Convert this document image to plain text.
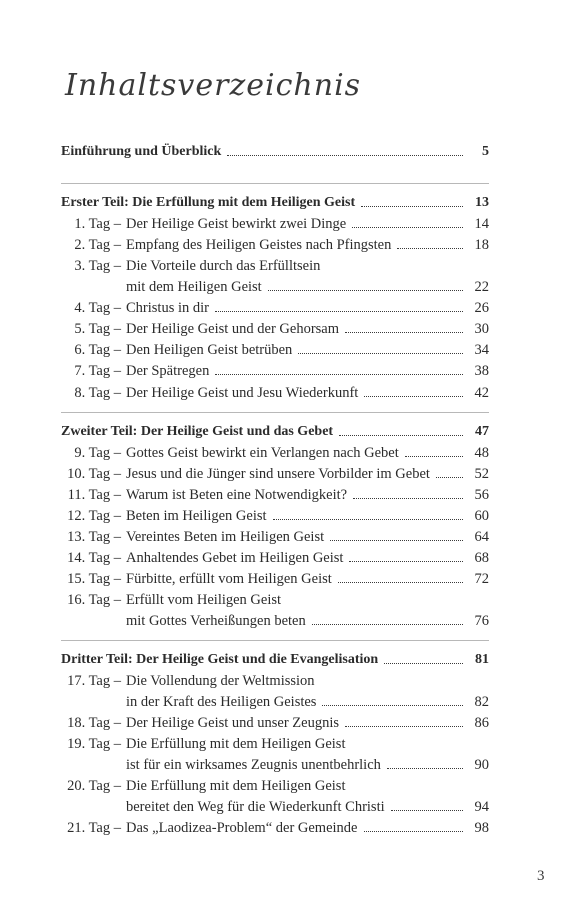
Inhaltsverzeichnis
Einführung und Überblick	5
Erster Teil: Die Erfüllung mit dem Heiligen Geist	13
1. Tag – Der Heilige Geist bewirkt zwei Dinge	14
2. Tag – Empfang des Heiligen Geistes nach Pfingsten	18
3. Tag – Die Vorteile durch das Erfülltsein
mit dem Heiligen Geist	22
4. Tag – Christus in dir	26
5. Tag – Der Heilige Geist und der Gehorsam	30
6. Tag – Den Heiligen Geist betrüben	34
7. Tag – Der Spätregen	38
8. Tag – Der Heilige Geist und Jesu Wiederkunft	42
Zweiter Teil: Der Heilige Geist und das Gebet	47
9. Tag – Gottes Geist bewirkt ein Verlangen nach Gebet	48
10. Tag – Jesus und die Jünger sind unsere Vorbilder im Gebet	52
11. Tag – Warum ist Beten eine Notwendigkeit?	56
12. Tag – Beten im Heiligen Geist	60
13. Tag – Vereintes Beten im Heiligen Geist	64
14. Tag – Anhaltendes Gebet im Heiligen Geist	68
15. Tag – Fürbitte, erfüllt vom Heiligen Geist	72
16. Tag – Erfüllt vom Heiligen Geist
mit Gottes Verheißungen beten	76
Dritter Teil: Der Heilige Geist und die Evangelisation	81
17. Tag – Die Vollendung der Weltmission
in der Kraft des Heiligen Geistes	82
18. Tag – Der Heilige Geist und unser Zeugnis	86
19. Tag – Die Erfüllung mit dem Heiligen Geist
ist für ein wirksames Zeugnis unentbehrlich	90
20. Tag – Die Erfüllung mit dem Heiligen Geist
bereitet den Weg für die Wiederkunft Christi	94
21. Tag – Das „Laodizea-Problem“ der Gemeinde	98
3
